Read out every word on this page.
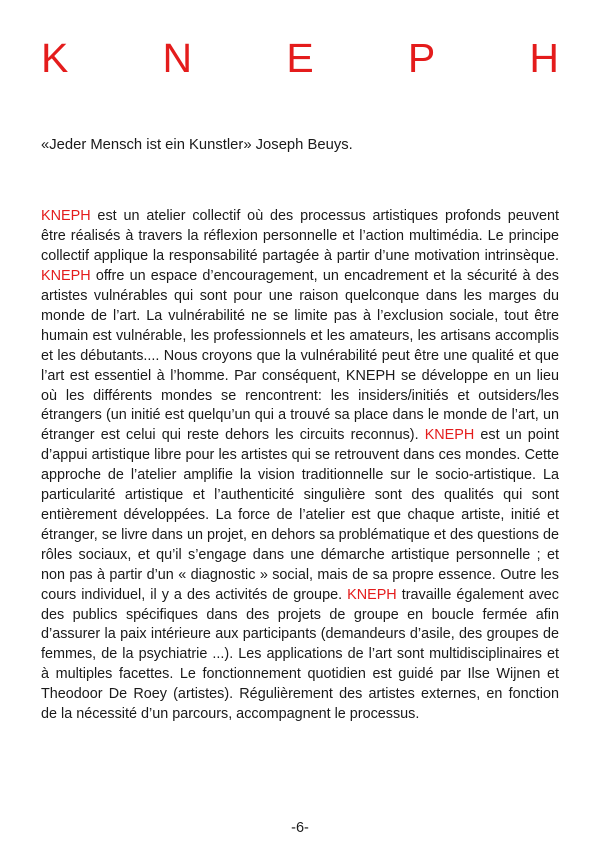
K N E P H
«Jeder Mensch ist ein Kunstler» Joseph Beuys.

KNEPH est un atelier collectif où des processus artistiques profonds peuvent être réalisés à travers la réflexion personnelle et l’action multimédia. Le principe collectif applique la responsabilité partagée à partir d’une motivation intrinsèque. KNEPH offre un espace d’encouragement, un encadrement et la sécurité à des artistes vulnérables qui sont pour une raison quelconque dans les marges du monde de l’art. La vulnérabilité ne se limite pas à l’exclusion sociale, tout être humain est vulnérable, les professionnels et les amateurs, les artisans accomplis et les débutants.... Nous croyons que la vulnérabilité peut être une qualité et que l’art est essentiel à l’homme. Par conséquent, KNEPH se développe en un lieu où les différents mondes se rencontrent: les insiders/initiés et outsiders/les étrangers (un initié est quelqu’un qui a trouvé sa place dans le monde de l’art, un étranger est celui qui reste dehors les circuits reconnus). KNEPH est un point d’appui artistique libre pour les artistes qui se retrouvent dans ces mondes. Cette approche de l’atelier amplifie la vision traditionnelle sur le socio-artistique. La particularité artistique et l’authenticité singulière sont des qualités qui sont entièrement développées. La force de l’atelier est que chaque artiste, initié et étranger, se livre dans un projet, en dehors sa problématique et des questions de rôles sociaux, et qu’il s’engage dans une démarche artistique personnelle ; et non pas à partir d’un « diagnostic » social, mais de sa propre essence. Outre les cours individuel, il y a des activités de groupe. KNEPH travaille également avec des publics spécifiques dans des projets de groupe en boucle fermée afin d’assurer la paix intérieure aux participants (demandeurs d’asile, des groupes de femmes, de la psychiatrie ...). Les applications de l’art sont multidisciplinaires et à multiples facettes. Le fonctionnement quotidien est guidé par Ilse Wijnen et Theodoor De Roey (artistes). Régulièrement des artistes externes, en fonction de la nécessité d’un parcours, accompagnent le processus.

-6-
